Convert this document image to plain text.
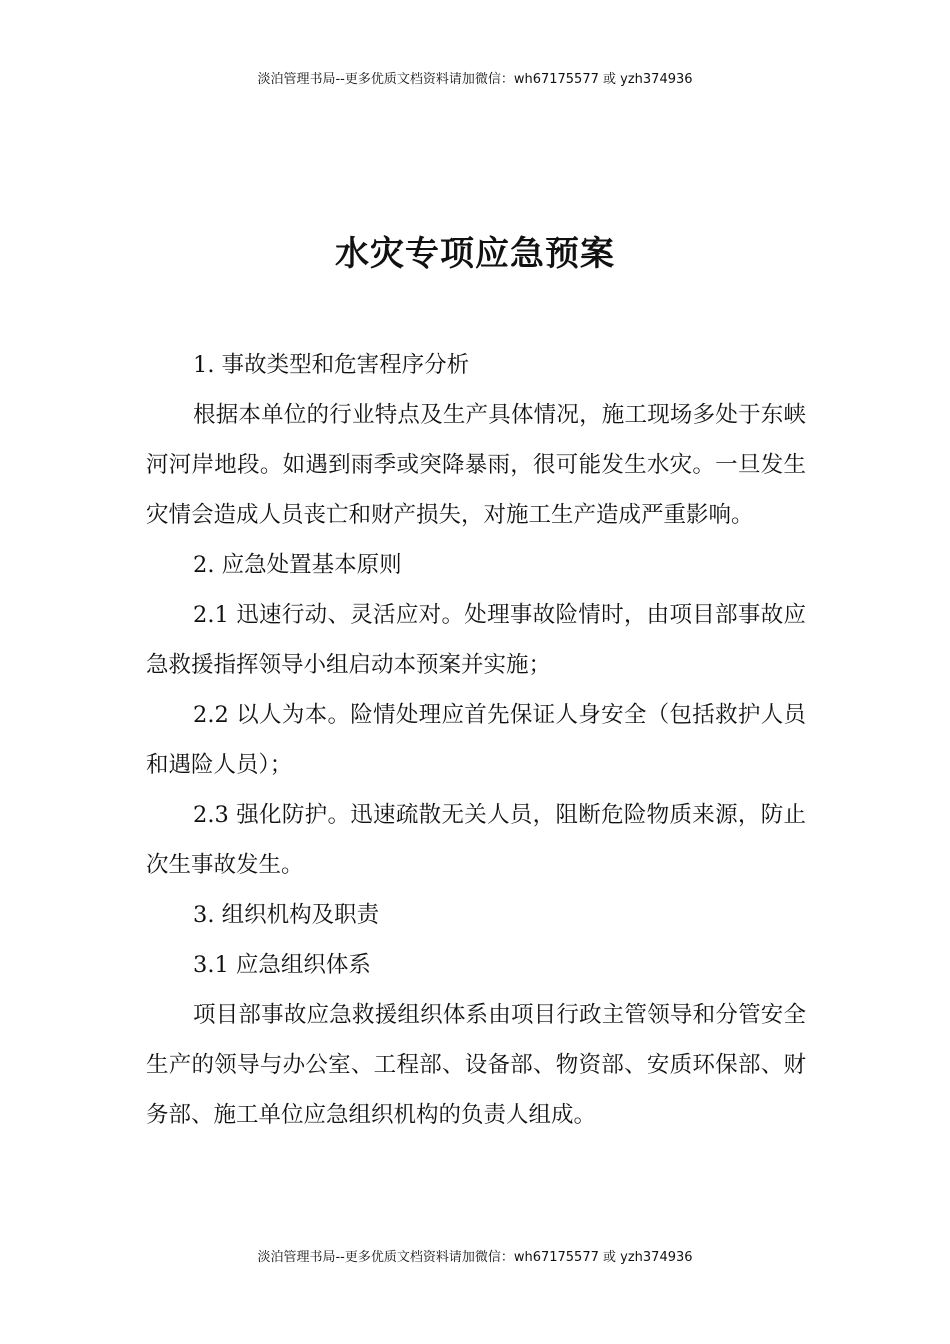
淡泊管理书局--更多优质文档资料请加微信：wh67175577 或 yzh374936
水灾专项应急预案

1. 事故类型和危害程序分析

根据本单位的行业特点及生产具体情况，施工现场多处于东峡河河岸地段。如遇到雨季或突降暴雨，很可能发生水灾。一旦发生灾情会造成人员丧亡和财产损失，对施工生产造成严重影响。

2. 应急处置基本原则

2.1 迅速行动、灵活应对。处理事故险情时，由项目部事故应急救援指挥领导小组启动本预案并实施；

2.2 以人为本。险情处理应首先保证人身安全（包括救护人员和遇险人员）；

2.3 强化防护。迅速疏散无关人员，阻断危险物质来源，防止次生事故发生。

3. 组织机构及职责

3.1 应急组织体系

项目部事故应急救援组织体系由项目行政主管领导和分管安全生产的领导与办公室、工程部、设备部、物资部、安质环保部、财务部、施工单位应急组织机构的负责人组成。

淡泊管理书局--更多优质文档资料请加微信：wh67175577 或 yzh374936
